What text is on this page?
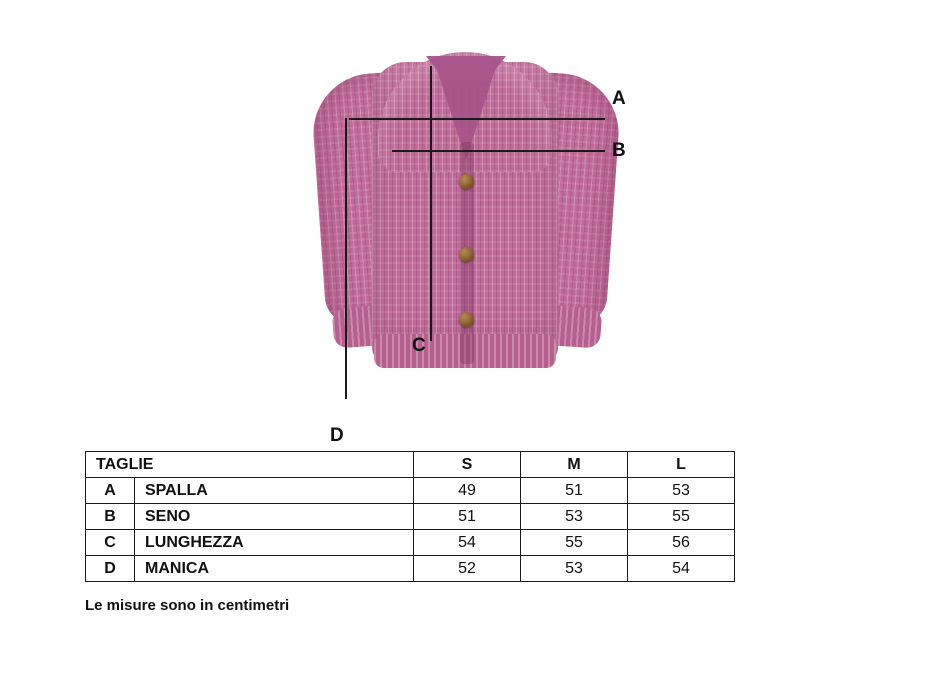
A
B
C
D
TAGLIE		S	M	L
A	SPALLA	49	51	53
B	SENO	51	53	55
C	LUNGHEZZA	54	55	56
D	MANICA	52	53	54
Le misure sono in centimetri
